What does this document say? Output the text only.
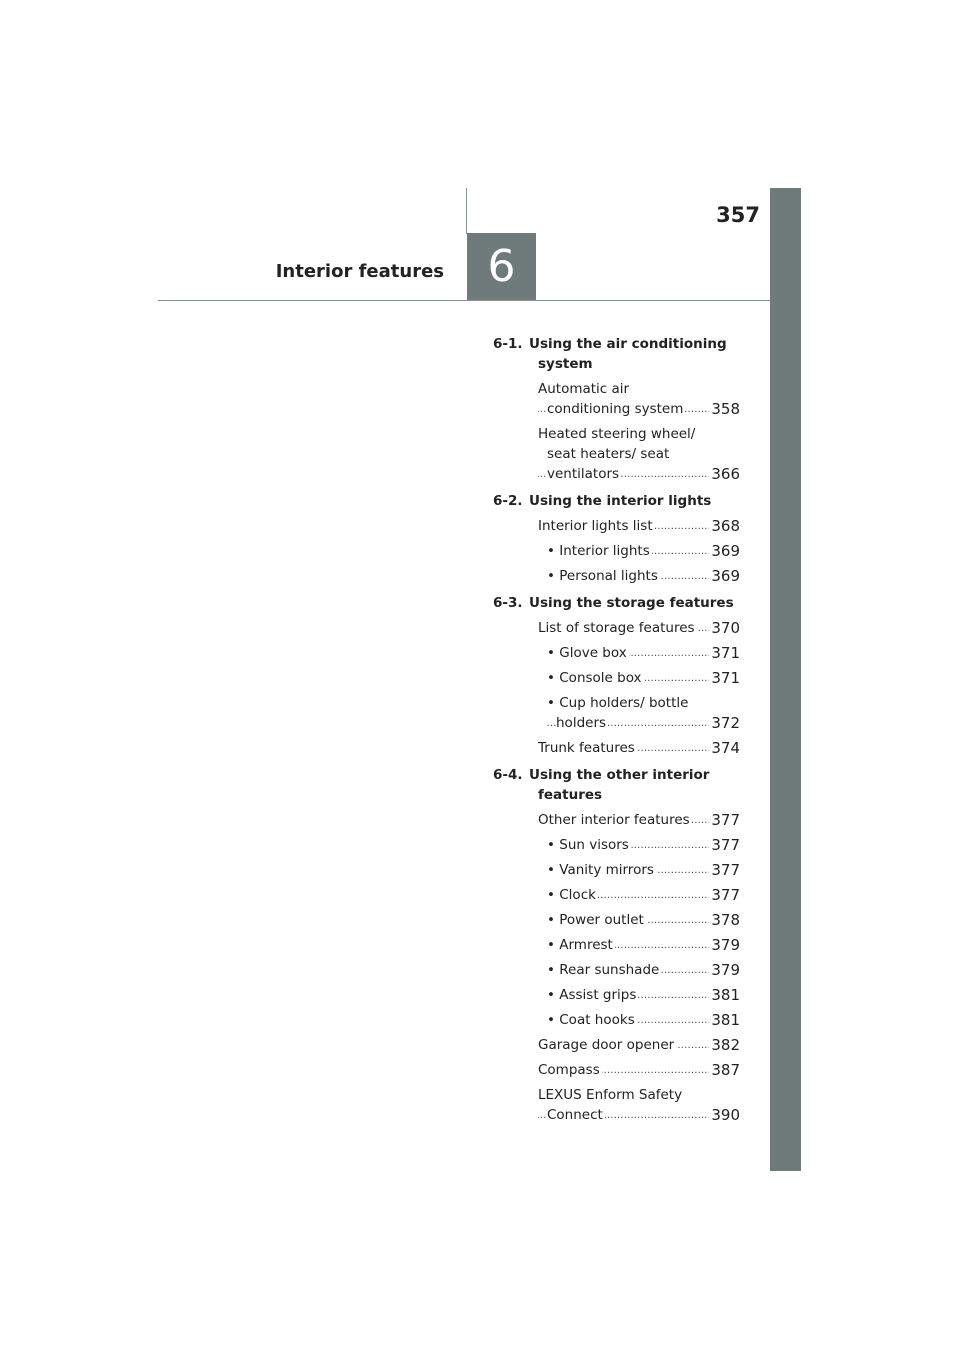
357
Interior features 6
6-1. Using the air conditioning system
Automatic air conditioning system . . .	358
Heated steering wheel/ seat heaters/ seat ventilators . . .	366
6-2. Using the interior lights
Interior lights list . . .	368
• Interior lights . . .	369
• Personal lights . . .	369
6-3. Using the storage features
List of storage features . . .	370
• Glove box . . .	371
• Console box . . .	371
• Cup holders/ bottle holders . . .	372
Trunk features . . .	374
6-4. Using the other interior features
Other interior features . . .	377
• Sun visors . . .	377
• Vanity mirrors . . .	377
• Clock . . .	377
• Power outlet . . .	378
• Armrest . . .	379
• Rear sunshade . . .	379
• Assist grips . . .	381
• Coat hooks . . .	381
Garage door opener . . .	382
Compass . . .	387
LEXUS Enform Safety Connect . . .	390
